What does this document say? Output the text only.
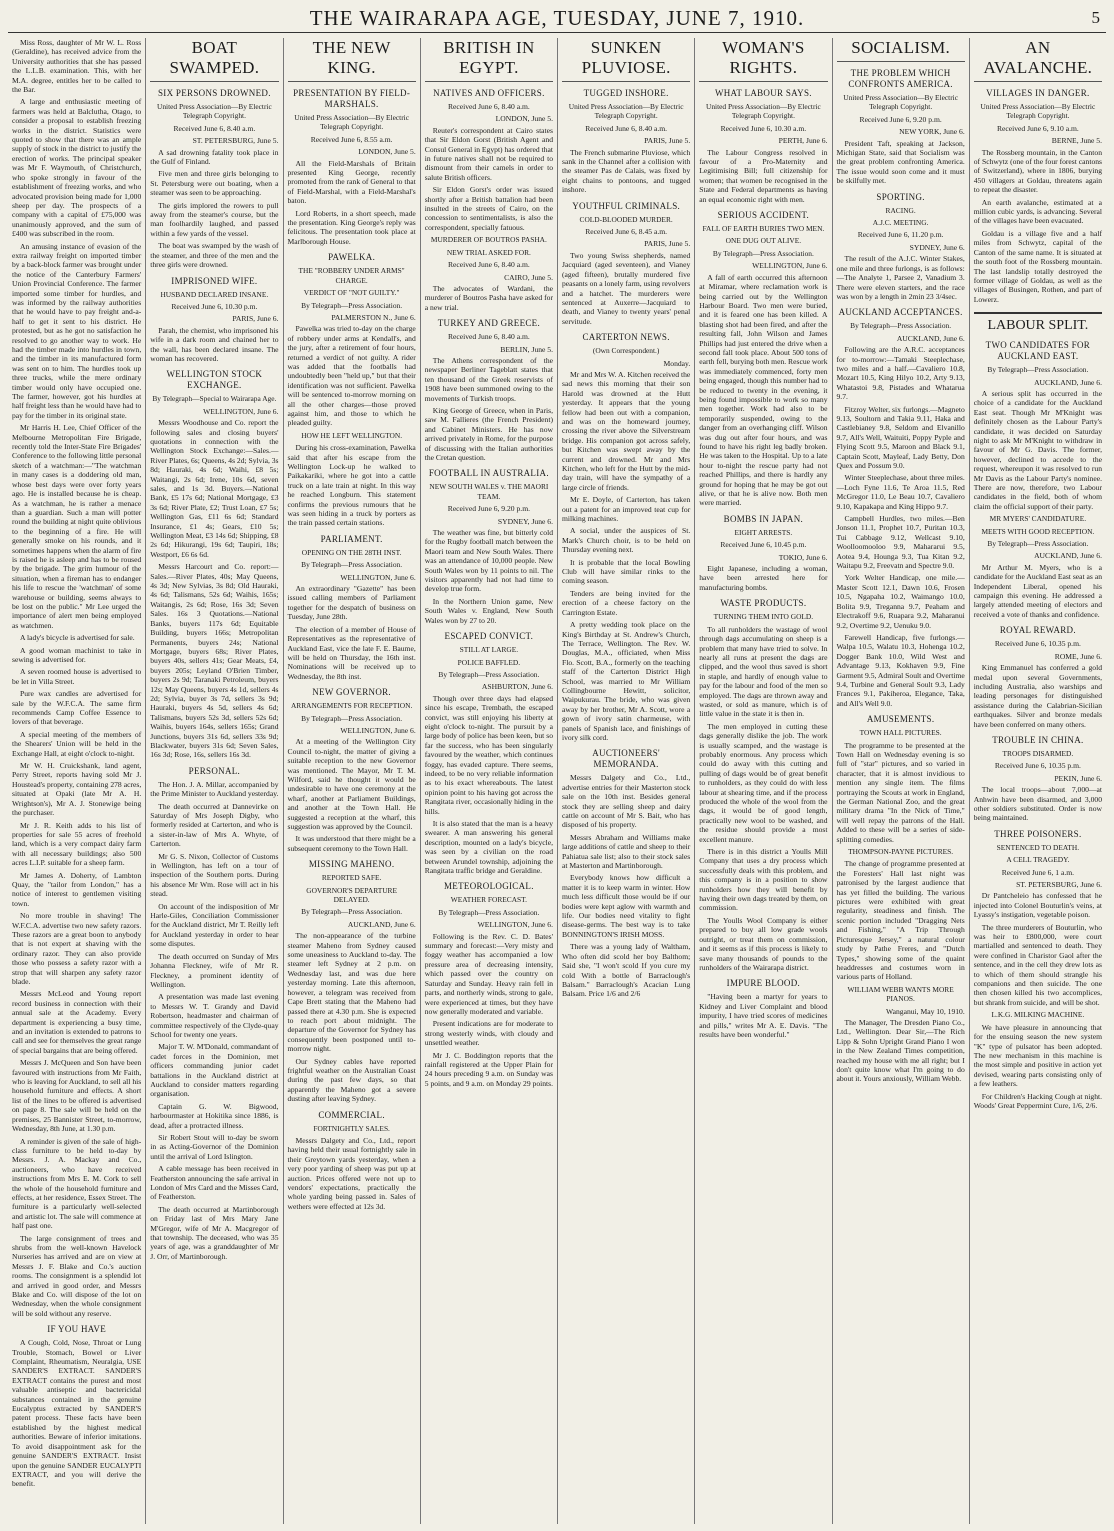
THE WAIRARAPA AGE, TUESDAY, JUNE 7, 1910.	5

Miss Ross, daughter of Mr W. L. Ross (Geraldine), has received advice from the University authorities that she has passed the L.L.B. examination. This, with her M.A. degree, entitles her to be called to the Bar.

A large and enthusiastic meeting of farmers was held at Balclutha, Otago, to consider a proposal to establish freezing works in the district. Statistics were quoted to show that there was an ample supply of stock in the district to justify the erection of works. The principal speaker was Mr F. Waymouth, of Christchurch, who spoke strongly in favour of the establishment of freezing works, and who advocated provision being made for 1,000 sheep per day. The prospects of a company with a capital of £75,000 was unanimously approved, and the sum of £400 was subscribed in the room.

An amusing instance of evasion of the extra railway freight on imported timber by a back-block farmer was brought under the notice of the Canterbury Farmers' Union Provincial Conference. The farmer imported some timber for hurdles, and was informed by the railway authorities that he would have to pay freight and-a-half to get it sent to his district. He protested, but as he got no satisfaction he resolved to go another way to work. He had the timber made into hurdles in town, and the timber in its manufactured form was sent on to him. The hurdles took up three trucks, while the mere ordinary timber would only have occupied one. The farmer, however, got his hurdles at half freight less than he would have had to pay for the timber in its original state.

Mr Harris H. Lee, Chief Officer of the Melbourne Metropolitan Fire Brigade, recently told the Inter-State Fire Brigades' Conference to the following little personal sketch of a watchman:—"The watchman in many cases is a doddering old man, whose best days were over forty years ago. He is installed because he is cheap. As a watchman, he is rather a menace than a guardian. Such a man will potter round the building at night quite oblivious to the beginning of a fire. He will generally smoke on his rounds, and it sometimes happens when the alarm of fire is raised he is asleep and has to be roused by the brigade. The grim humour of the situation, when a fireman has to endanger his life to rescue the 'watchman' of some warehouse or building, seems always to be lost on the public." Mr Lee urged the importance of alert men being employed as watchmen.

A lady's bicycle is advertised for sale.

A good woman machinist to take in sewing is advertised for.

A seven roomed house is advertised to be let in Villa Street.

Pure wax candles are advertised for sale by the W.F.C.A. The same firm recommends Camp Coffee Essence to lovers of that beverage.

A special meeting of the members of the Shearers' Union will be held in the Exchange Hall, at eight o'clock to-night.

Mr W. H. Cruickshank, land agent, Perry Street, reports having sold Mr J. Houstead's property, containing 278 acres, situated at Opaki (late Mr A. H. Wrightson's), Mr A. J. Stonewige being the purchaser.

Mr J. R. Keith adds to his list of properties for sale 55 acres of freehold land, which is a very compact dairy farm with all necessary buildings; also 500 acres L.I.P. suitable for a sheep farm.

Mr James A. Doherty, of Lambton Quay, the "tailor from London," has a notice of interest to gentlemen visiting town.

No more trouble in shaving! The W.F.C.A. advertise two new safety razors. These razors are a great boon to anybody that is not expert at shaving with the ordinary razor. They can also provide those who possess a safety razor with a strop that will sharpen any safety razor blade.

Messrs McLeod and Young report record business in connection with their annual sale at the Academy. Every department is experiencing a busy time, and an invitation is extended to patrons to call and see for themselves the great range of special bargains that are being offered.

Messrs J. McQueen and Son have been favoured with instructions from Mr Faith, who is leaving for Auckland, to sell all his household furniture and effects. A short list of the lines to be offered is advertised on page 8. The sale will be held on the premises, 25 Bannister Street, to-morrow, Wednesday, 8th June, at 1.30 p.m.

A reminder is given of the sale of high-class furniture to be held to-day by Messrs. J. A. Mackay and Co., auctioneers, who have received instructions from Mrs E. M. Cork to sell the whole of the household furniture and effects, at her residence, Essex Street. The furniture is a particularly well-selected and artistic lot. The sale will commence at half past one.

The large consignment of trees and shrubs from the well-known Havelock Nurseries has arrived and are on view at Messrs J. F. Blake and Co.'s auction rooms. The consignment is a splendid lot and arrived in good order, and Messrs Blake and Co. will dispose of the lot on Wednesday, when the whole consignment will be sold without any reserve.

IF YOU HAVE

A Cough, Cold, Nose, Throat or Lung Trouble, Stomach, Bowel or Liver Complaint, Rheumatism, Neuralgia, USE SANDER'S EXTRACT. SANDER'S EXTRACT contains the purest and most valuable antiseptic and bactericidal substances contained in the genuine Eucalyptus extracted by SANDER'S patent process. These facts have been established by the highest medical authorities. Beware of inferior imitations. To avoid disappointment ask for the genuine SANDER'S EXTRACT. Insist upon the genuine SANDER EUCALYPTI EXTRACT, and you will derive the benefit.

BOAT SWAMPED.
SIX PERSONS DROWNED.
United Press Association—By Electric Telegraph Copyright.
Received June 6, 8.40 a.m.
ST. PETERSBURG, June 5.

A sad drowning fatality took place in the Gulf of Finland.

Five men and three girls belonging to St. Petersburg were out boating, when a steamer was seen to be approaching.

The girls implored the rowers to pull away from the steamer's course, but the man foolhardily laughed, and passed within a few yards of the vessel.

The boat was swamped by the wash of the steamer, and three of the men and the three girls were drowned.

IMPRISONED WIFE.
HUSBAND DECLARED INSANE.
Received June 6, 10.30 p.m.
PARIS, June 6.

Parah, the chemist, who imprisoned his wife in a dark room and chained her to the wall, has been declared insane. The woman has recovered.

WELLINGTON STOCK EXCHANGE.
By Telegraph—Special to Wairarapa Age.
WELLINGTON, June 6.

Messrs Woodhouse and Co. report the following sales and closing buyers' quotations in connection with the Wellington Stock Exchange:—Sales.—River Plates, 6s; Queens, 4s 2d; Sylvia, 3s 8d; Hauraki, 4s 6d; Waihi, £8 5s; Waitangi, 2s 6d; Irene, 10s 6d, seven sales, and 1s 3d. Buyers.—National Bank, £5 17s 6d; National Mortgage, £3 3s 6d; River Plate, £2; Trust Loan, £7 5s; Wellington Gas, £11 6s 6d; Standard Insurance, £1 4s; Gears, £10 5s; Wellington Meat, £3 14s 6d; Shipping, £8 2s 6d; Hikurangi, 19s 6d; Taupiri, 18s; Westport, £6 6s 6d.

Messrs Harcourt and Co. report:—Sales.—River Plates, 40s; May Queens, 4s 3d; New Sylvias, 3s 8d; Old Hauraki, 4s 6d; Talismans, 52s 6d; Waihis, 165s; Waitangis, 2s 6d; Rose, 16s 3d; Seven Sales. 16s 3 Quotations.—National Banks, buyers 117s 6d; Equitable Building, buyers 166s; Metropolitan Permanents, buyers 24s; National Mortgage, buyers 68s; River Plates, buyers 40s, sellers 41s; Gear Meats, £4, buyers 205s; Leyland O'Brien Timber, buyers 2s 9d; Taranaki Petroleum, buyers 12s; May Queens, buyers 4s 1d, sellers 4s 2d; Sylvia, buyer 3s 7d, sellers 3s 9d; Hauraki, buyers 4s 5d, sellers 4s 6d; Talismans, buyers 52s 3d, sellers 52s 6d; Waihis, buyers 164s, sellers 165s; Grand Junctions, buyers 31s 6d, sellers 33s 9d; Blackwater, buyers 31s 6d; Seven Sales, 16s 3d; Rose, 16s, sellers 16s 3d.

PERSONAL.

The Hon. J. A. Millar, accompanied by the Prime Minister to Auckland yesterday.

The death occurred at Dannevirke on Saturday of Mrs Joseph Digby, who formerly resided at Carterton, and who is a sister-in-law of Mrs A. Whyte, of Carterton.

Mr G. S. Nixon, Collector of Customs in Wellington, has left on a tour of inspection of the Southern ports. During his absence Mr Wm. Rose will act in his stead.

On account of the indisposition of Mr Harle-Giles, Conciliation Commissioner for the Auckland district, Mr T. Reilly left for Auckland yesterday in order to hear some disputes.

The death occurred on Sunday of Mrs Johanna Fleckney, wife of Mr R. Fleckney, a prominent identity of Wellington.

A presentation was made last evening to Messrs W. T. Grandy and David Robertson, headmaster and chairman of committee respectively of the Clyde-quay School for twenty one years.

Major T. W. M'Donald, commandant of cadet forces in the Dominion, met officers commanding junior cadet battalions in the Auckland district at Auckland to consider matters regarding organisation.

Captain G. W. Bigwood, harbourmaster at Hokitika since 1886, is dead, after a protracted illness.

Sir Robert Stout will to-day be sworn in as Acting-Governor of the Dominion until the arrival of Lord Islington.

A cable message has been received in Featherston announcing the safe arrival in London of Mrs Card and the Misses Card, of Featherston.

The death occurred at Martinborough on Friday last of Mrs Mary Jane M'Gregor, wife of Mr A. Macgregor of that township. The deceased, who was 35 years of age, was a granddaughter of Mr J. Orr, of Martinborough.

THE NEW KING.
PRESENTATION BY FIELD-MARSHALS.
United Press Association—By Electric Telegraph Copyright.
Received June 6, 8.55 a.m.
LONDON, June 5.

All the Field-Marshals of Britain presented King George, recently promoted from the rank of General to that of Field-Marshal, with a Field-Marshal's baton.

Lord Roberts, in a short speech, made the presentation. King George's reply was felicitous. The presentation took place at Marlborough House.

PAWELKA.
THE "ROBBERY UNDER ARMS" CHARGE.
VERDICT OF "NOT GUILTY."
By Telegraph—Press Association.
PALMERSTON N., June 6.

Pawelka was tried to-day on the charge of robbery under arms at Kendall's, and the jury, after a retirement of four hours, returned a verdict of not guilty. A rider was added that the footballs had undoubtedly been "held up," but that their identification was not sufficient. Pawelka will be sentenced to-morrow morning on all the other charges—those proved against him, and those to which he pleaded guilty.

HOW HE LEFT WELLINGTON.

During his cross-examination, Pawelka said that after his escape from the Wellington Lock-up he walked to Paikakariki, where he got into a cattle truck on a late train at night. In this way he reached Longburn. This statement confirms the previous rumours that he was seen hiding in a truck by porters as the train passed certain stations.

PARLIAMENT.
OPENING ON THE 28TH INST.
By Telegraph—Press Association.
WELLINGTON, June 6.

An extraordinary "Gazette" has been issued calling members of Parliament together for the despatch of business on Tuesday, June 28th.

The election of a member of House of Representatives as the representative of Auckland East, vice the late F. E. Baume, will be held on Thursday, the 16th inst. Nominations will be received up to Wednesday, the 8th inst.

NEW GOVERNOR.
ARRANGEMENTS FOR RECEPTION.
By Telegraph—Press Association.
WELLINGTON, June 6.

At a meeting of the Wellington City Council to-night, the matter of giving a suitable reception to the new Governor was mentioned. The Mayor, Mr T. M. Wilford, said he thought it would be undesirable to have one ceremony at the wharf, another at Parliament Buildings, and another at the Town Hall. He suggested a reception at the wharf, this suggestion was approved by the Council.

It was understood that there might be a subsequent ceremony to the Town Hall.

MISSING MAHENO.
REPORTED SAFE.
GOVERNOR'S DEPARTURE DELAYED.
By Telegraph—Press Association.
AUCKLAND, June 6.

The non-appearance of the turbine steamer Maheno from Sydney caused some uneasiness to Auckland to-day. The steamer left Sydney at 2 p.m. on Wednesday last, and was due here yesterday morning. Late this afternoon, however, a telegram was received from Cape Brett stating that the Maheno had passed there at 4.30 p.m. She is expected to reach port about midnight. The departure of the Governor for Sydney has consequently been postponed until to-morrow night.

Our Sydney cables have reported frightful weather on the Australian Coast during the past few days, so that apparently the Maheno got a severe dusting after leaving Sydney.

COMMERCIAL.
FORTNIGHTLY SALES.

Messrs Dalgety and Co., Ltd., report having held their usual fortnightly sale in their Greytown yards yesterday, when a very poor yarding of sheep was put up at auction. Prices offered were not up to vendors' expectations, practically the whole yarding being passed in. Sales of wethers were effected at 12s 3d.

BRITISH IN EGYPT.
NATIVES AND OFFICERS.
Received June 6, 8.40 a.m.
LONDON, June 5.

Reuter's correspondent at Cairo states that Sir Eldon Gorst (British Agent and Consul General in Egypt) has ordered that in future natives shall not be required to dismount from their camels in order to salute British officers.

Sir Eldon Gorst's order was issued shortly after a British battalion had been insulted in the streets of Cairo, on the concession to sentimentalists, is also the correspondent, specially fatuous.

MURDERER OF BOUTROS PASHA.
NEW TRIAL ASKED FOR.
Received June 6, 8.40 a.m.
CAIRO, June 5.

The advocates of Wardani, the murderer of Boutros Pasha have asked for a new trial.

TURKEY AND GREECE.
Received June 6, 8.40 a.m.
BERLIN, June 5.

The Athens correspondent of the newspaper Berliner Tageblatt states that ten thousand of the Greek reservists of 1908 have been summoned owing to the movements of Turkish troops.

King George of Greece, when in Paris, saw M. Fallieres (the French President) and Cabinet Ministers. He has now arrived privately in Rome, for the purpose of discussing with the Italian authorities the Cretan question.

FOOTBALL IN AUSTRALIA.
NEW SOUTH WALES v. THE MAORI TEAM.
Received June 6, 9.20 p.m.
SYDNEY, June 6.

The weather was fine, but bitterly cold for the Rugby football match between the Maori team and New South Wales. There was an attendance of 10,000 people. New South Wales won by 11 points to nil. The visitors apparently had not had time to develop true form.

In the Northern Union game, New South Wales v. England, New South Wales won by 27 to 20.

ESCAPED CONVICT.
STILL AT LARGE.
POLICE BAFFLED.
By Telegraph—Press Association.
ASHBURTON, June 6.

Though over three days had elapsed since his escape, Trembath, the escaped convict, was still enjoying his liberty at eight o'clock to-night. The pursuit by a large body of police has been keen, but so far the success, who has been singularly favoured by the weather, which continues foggy, has evaded capture. There seems, indeed, to be no very reliable information as to his exact whereabouts. The latest opinion point to his having got across the Rangitata river, occasionally hiding in the hills.

It is also stated that the man is a heavy swearer. A man answering his general description, mounted on a lady's bicycle, was seen by a civilian on the road between Arundel township, adjoining the Rangitata traffic bridge and Geraldine.

METEOROLOGICAL.
WEATHER FORECAST.
By Telegraph—Press Association.
WELLINGTON, June 6.

Following is the Rev. C. D. Bates' summary and forecast:—Very misty and foggy weather has accompanied a low pressure area of decreasing intensity, which passed over the country on Saturday and Sunday. Heavy rain fell in parts, and northerly winds, strong to gale, were experienced at times, but they have now generally moderated and variable.

Present indications are for moderate to strong westerly winds, with cloudy and unsettled weather.

Mr J. C. Boddington reports that the rainfall registered at the Upper Plain for 24 hours preceding 9 a.m. on Sunday was 5 points, and 9 a.m. on Monday 29 points.

SUNKEN PLUVIOSE.
TUGGED INSHORE.
United Press Association—By Electric Telegraph Copyright.
Received June 6, 8.40 a.m.
PARIS, June 5.

The French submarine Pluviose, which sank in the Channel after a collision with the steamer Pas de Calais, was fixed by eight chains to pontoons, and tugged inshore.

YOUTHFUL CRIMINALS.
COLD-BLOODED MURDER.
Received June 6, 8.45 a.m.
PARIS, June 5.

Two young Swiss shepherds, named Jacquiard (aged seventeen), and Vianey (aged fifteen), brutally murdered five peasants on a lonely farm, using revolvers and a hatchet. The murderers were sentenced at Auxerre—Jacquiard to death, and Vianey to twenty years' penal servitude.

CARTERTON NEWS.
(Own Correspondent.)
Monday.

Mr and Mrs W. A. Kitchen received the sad news this morning that their son Harold was drowned at the Hutt yesterday. It appears that the young fellow had been out with a companion, and was on the homeward journey, crossing the river above the Silverstream bridge. His companion got across safely, but Kitchen was swept away by the current and drowned. Mr and Mrs Kitchen, who left for the Hutt by the mid-day train, will have the sympathy of a large circle of friends.

Mr E. Doyle, of Carterton, has taken out a patent for an improved teat cup for milking machines.

A social, under the auspices of St. Mark's Church choir, is to be held on Thursday evening next.

It is probable that the local Bowling Club will have similar rinks to the coming season.

Tenders are being invited for the erection of a cheese factory on the Carrington Estate.

A pretty wedding took place on the King's Birthday at St. Andrew's Church, The Terrace, Wellington. The Rev. W. Douglas, M.A., officiated, when Miss Flo. Scott, B.A., formerly on the teaching staff of the Carterton District High School, was married to Mr William Collingbourne Hewitt, solicitor, Waipukurau. The bride, who was given away by her brother, Mr A. Scott, wore a gown of ivory satin charmeuse, with panels of Spanish lace, and finishings of ivory silk cord.

AUCTIONEERS' MEMORANDA.

Messrs Dalgety and Co., Ltd., advertise entries for their Masterton stock sale on the 10th inst. Besides general stock they are selling sheep and dairy cattle on account of Mr S. Bait, who has disposed of his property.

Messrs Abraham and Williams make large additions of cattle and sheep to their Pahiatua sale list; also to their stock sales at Masterton and Martinborough.

Everybody knows how difficult a matter it is to keep warm in winter. How much less difficult those would be if our bodies were kept aglow with warmth and life. Our bodies need vitality to fight disease-germs. The best way is to take BONNINGTON'S IRISH MOSS.

There was a young lady of Waltham, Who often did scold her boy Balthom; Said she, "I won't scold If you cure my cold With a bottle of Barraclough's Balsam." Barraclough's Acacian Lung Balsam. Price 1/6 and 2/6

WOMAN'S RIGHTS.
WHAT LABOUR SAYS.
United Press Association—By Electric Telegraph Copyright.
Received June 6, 10.30 a.m.
PERTH, June 6.

The Labour Congress resolved in favour of a Pro-Maternity and Legitimising Bill; full citizenship for women; that women be recognised in the State and Federal departments as having an equal economic right with men.

SERIOUS ACCIDENT.
FALL OF EARTH BURIES TWO MEN.
ONE DUG OUT ALIVE.
By Telegraph—Press Association.
WELLINGTON, June 6.

A fall of earth occurred this afternoon at Miramar, where reclamation work is being carried out by the Wellington Harbour Board. Two men were buried, and it is feared one has been killed. A blasting shot had been fired, and after the resulting fall, John Wilson and James Phillips had just entered the drive when a second fall took place. About 500 tons of earth fell, burying both men. Rescue work was immediately commenced, forty men being engaged, though this number had to be reduced to twenty in the evening, it being found impossible to work so many men together. Work had also to be temporarily suspended, owing to the danger from an overhanging cliff. Wilson was dug out after four hours, and was found to have his right leg badly broken. He was taken to the Hospital. Up to a late hour to-night the rescue party had not reached Phillips, and there is hardly any ground for hoping that he may be got out alive, or that he is alive now. Both men were married.

BOMBS IN JAPAN.
EIGHT ARRESTS.
Received June 6, 10.45 p.m.
TOKIO, June 6.

Eight Japanese, including a woman, have been arrested here for manufacturing bombs.

WASTE PRODUCTS.
TURNING THEM INTO GOLD.

To all runholders the wastage of wool through dags accumulating on sheep is a problem that many have tried to solve. In nearly all runs at present the dags are clipped, and the wool thus saved is short in staple, and hardly of enough value to pay for the labour and food of the men so employed. The dags are thrown away and wasted, or sold as manure, which is of little value in the state it is then in.

The men employed in cutting these dags generally dislike the job. The work is usually scamped, and the wastage is probably enormous. Any process which could do away with this cutting and pulling of dags would be of great benefit to runholders, as they could do with less labour at shearing time, and if the process produced the whole of the wool from the dags, it would be of good length, practically new wool to be washed, and the residue should provide a most excellent manure.

There is in this district a Youlls Mill Company that uses a dry process which successfully deals with this problem, and this company is in a position to show runholders how they will benefit by having their own dags treated by them, on commission.

The Youlls Wool Company is either prepared to buy all low grade wools outright, or treat them on commission, and it seems as if this process is likely to save many thousands of pounds to the runholders of the Wairarapa district.

IMPURE BLOOD.

"Having been a martyr for years to Kidney and Liver Complaint and blood impurity, I have tried scores of medicines and pills," writes Mr A. E. Davis. "The results have been wonderful."

SOCIALISM.
THE PROBLEM WHICH CONFRONTS AMERICA.
United Press Association—By Electric Telegraph Copyright.
Received June 6, 9.20 p.m.
NEW YORK, June 6.

President Taft, speaking at Jackson, Michigan State, said that Socialism was the great problem confronting America. The issue would soon come and it must be skilfully met.

SPORTING.
RACING.
A.J.C. MEETING.
Received June 6, 11.20 p.m.
SYDNEY, June 6.

The result of the A.J.C. Winter Stakes, one mile and three furlongs, is as follows:—The Analyte 1, Parsee 2, Vanadium 3. There were eleven starters, and the race was won by a length in 2min 23 3/4sec.

AUCKLAND ACCEPTANCES.
By Telegraph—Press Association.
AUCKLAND, June 6.

Following are the A.R.C. acceptances for to-morrow:—Tamaki Steeplechase, two miles and a half.—Cavaliero 10.8, Mozart 10.5, King Hilyo 10.2, Arty 9.13, Whatastoi 9.8, Pistades and Whatarua 9.7.

Fitzroy Welter, six furlongs.—Magneto 9.13, Soultorn and Takia 9.11, Haka and Castlebianey 9.8, Seldom and Elvanillo 9.7, All's Well, Waituiti, Poppy Pyple and Flying Scott 9.5, Maroon and Black 9.1, Captain Scott, Mayleaf, Lady Betty, Don Quex and Possum 9.0.

Winter Steeplechase, about three miles.—Loch Fyne 11.6, Te Aroa 11.5, Red McGregor 11.0, Le Beau 10.7, Cavaliero 9.10, Kapakapa and King Hippo 9.7.

Campbell Hurdles, two miles.—Ben Jonson 11.1, Prophet 10.7, Puritan 10.3, Tui Cabbage 9.12, Wellcast 9.10, Woolloomooloo 9.9, Mahararui 9.5, Aotea 9.4, Hounga 9.3, Tua Kitan 9.2, Waitapu 9.2, Freevatn and Spectre 9.0.

York Welter Handicap, one mile.—Master Scott 12.1, Dawn 10.6, Frosen 10.5, Ngapaha 10.2, Waimango 10.0, Bolita 9.9, Treganna 9.7, Peaham and Electrakoff 9.6, Ruapara 9.2, Maharanui 9.2, Overtime 9.2, Uenuku 9.0.

Farewell Handicap, five furlongs.—Walpa 10.5, Walatu 10.3, Hohenga 10.2, Dogger Bank 10.0, Wild West and Advantage 9.13, Kokhaven 9.9, Fine Garment 9.5, Admiral Soult and Overtime 9.4, Turbine and General Soult 9.3, Lady Frances 9.1, Pakiheroa, Elegance, Taka, and All's Well 9.0.

AMUSEMENTS.
TOWN HALL PICTURES.

The programme to be presented at the Town Hall on Wednesday evening is so full of "star" pictures, and so varied in character, that it is almost invidious to mention any single item. The films portraying the Scouts at work in England, the German National Zoo, and the great military drama "In the Nick of Time," will well repay the patrons of the Hall. Added to these will be a series of side-splitting comedies.

THOMPSON-PAYNE PICTURES.

The change of programme presented at the Foresters' Hall last night was patronised by the largest audience that has yet filled the building. The various pictures were exhibited with great regularity, steadiness and finish. The scenic portion included "Dragging Nets and Fishing," "A Trip Through Picturesque Jersey," a natural colour study by Pathe Freres, and "Dutch Types," showing some of the quaint headdresses and costumes worn in various parts of Holland.

WILLIAM WEBB WANTS MORE PIANOS.
Wanganui, May 10, 1910.

The Manager, The Dresden Piano Co., Ltd., Wellington. Dear Sir,—The Rich Lipp & Sohn Upright Grand Piano I won in the New Zealand Times competition, reached my house with me all right; but I don't quite know what I'm going to do about it. Yours anxiously, William Webb.

AN AVALANCHE.
VILLAGES IN DANGER.
United Press Association—By Electric Telegraph Copyright.
Received June 6, 9.10 a.m.
BERNE, June 5.

The Rossberg mountain, in the Canton of Schwytz (one of the four forest cantons of Switzerland), where in 1806, burying 450 villagers at Goldau, threatens again to repeat the disaster.

An earth avalanche, estimated at a million cubic yards, is advancing. Several of the villages have been evacuated.

Goldau is a village five and a half miles from Schwytz, capital of the Canton of the same name. It is situated at the south foot of the Rossberg mountain. The last landslip totally destroyed the former village of Goldau, as well as the villages of Busingen, Rothen, and part of Lowerz.

LABOUR SPLIT.
TWO CANDIDATES FOR AUCKLAND EAST.
By Telegraph—Press Association.
AUCKLAND, June 6.

A serious split has occurred in the choice of a candidate for the Auckland East seat. Though Mr M'Knight was definitely chosen as the Labour Party's candidate, it was decided on Saturday night to ask Mr M'Knight to withdraw in favour of Mr G. Davis. The former, however, declined to accede to the request, whereupon it was resolved to run Mr Davis as the Labour Party's nominee. There are now, therefore, two Labour candidates in the field, both of whom claim the official support of their party.

MR MYERS' CANDIDATURE.
MEETS WITH GOOD RECEPTION.
By Telegraph—Press Association.
AUCKLAND, June 6.

Mr Arthur M. Myers, who is a candidate for the Auckland East seat as an Independent Liberal, opened his campaign this evening. He addressed a largely attended meeting of electors and received a vote of thanks and confidence.

ROYAL REWARD.
Received June 6, 10.35 p.m.
ROME, June 6.

King Emmanuel has conferred a gold medal upon several Governments, including Australia, also warships and leading personages for distinguished assistance during the Calabrian-Sicilian earthquakes. Silver and bronze medals have been conferred on many others.

TROUBLE IN CHINA.
TROOPS DISARMED.
Received June 6, 10.35 p.m.
PEKIN, June 6.

The local troops—about 7,000—at Anhwin have been disarmed, and 3,000 other soldiers substituted. Order is now being maintained.

THREE POISONERS.
SENTENCED TO DEATH.
A CELL TRAGEDY.
Received June 6, 1 a.m.
ST. PETERSBURG, June 6.

Dr Pantcheleio has confessed that he injected into Colonel Bouturlin's veins, at Lyassy's instigation, vegetable poison.

The three murderers of Bouturlin, who was heir to £800,000, were court martialled and sentenced to death. They were confined in Charistor Gaol after the sentence, and in the cell they drew lots as to which of them should strangle his companions and then suicide. The one then chosen killed his two accomplices, but shrank from suicide, and will be shot.

L.K.G. MILKING MACHINE.

We have pleasure in announcing that for the ensuing season the new system "K" type of pulsator has been adopted. The new mechanism in this machine is the most simple and positive in action yet devised, wearing parts consisting only of a few leathers.

For Children's Hacking Cough at night. Woods' Great Peppermint Cure, 1/6, 2/6.
